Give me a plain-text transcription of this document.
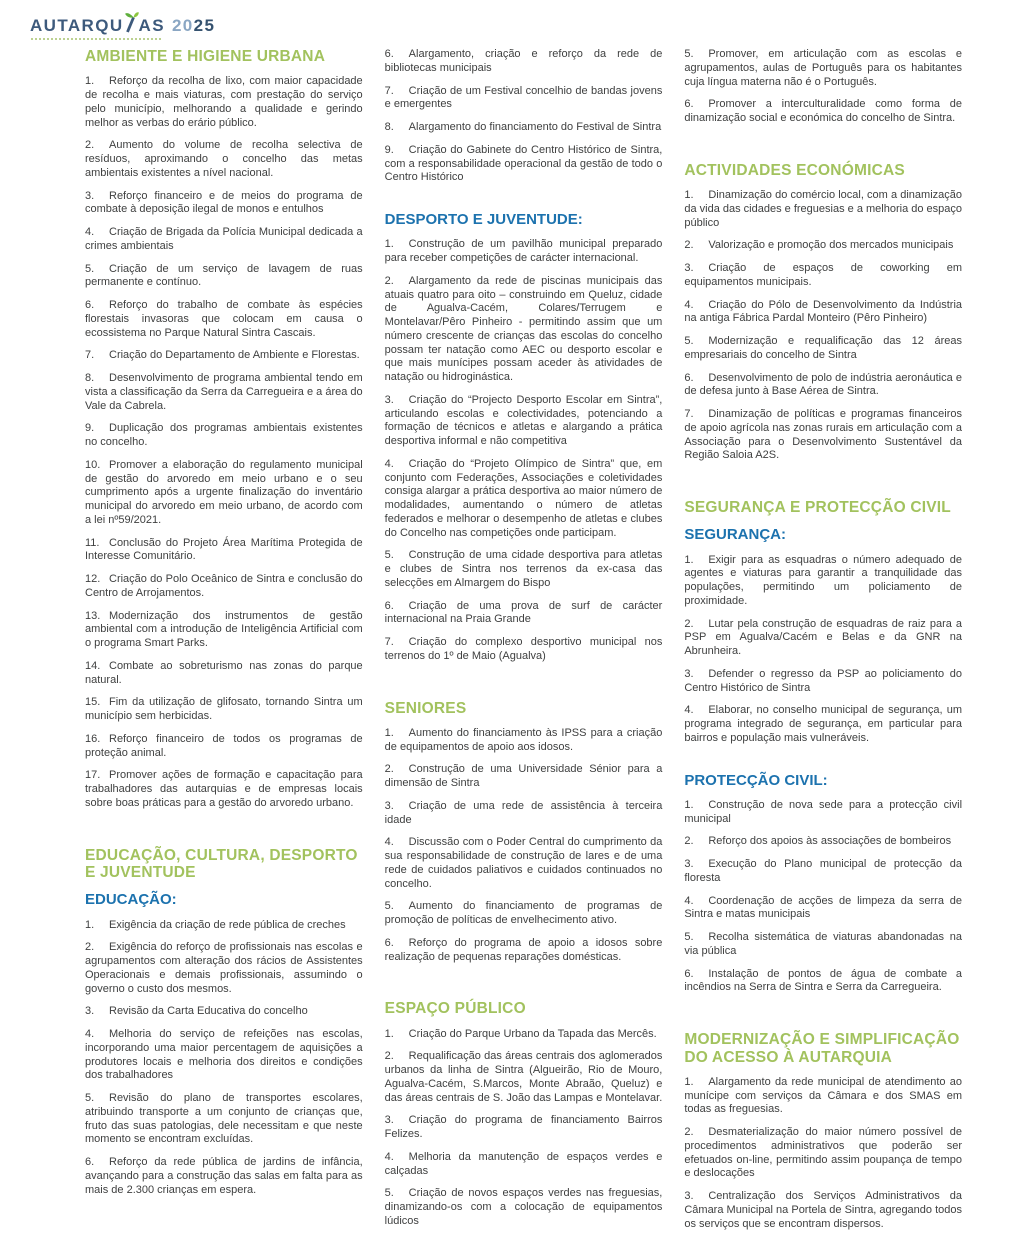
AUTARQU AS 2025
AMBIENTE E HIGIENE URBANA

1. Reforço da recolha de lixo, com maior capacidade de recolha e mais viaturas, com prestação do serviço pelo município, melhorando a qualidade e gerindo melhor as verbas do erário público.

2. Aumento do volume de recolha selectiva de resíduos, aproximando o concelho das metas ambientais existentes a nível nacional.

3. Reforço financeiro e de meios do programa de combate à deposição ilegal de monos e entulhos

4. Criação de Brigada da Polícia Municipal dedicada a crimes ambientais

5. Criação de um serviço de lavagem de ruas permanente e contínuo.

6. Reforço do trabalho de combate às espécies florestais invasoras que colocam em causa o ecossistema no Parque Natural Sintra Cascais.

7. Criação do Departamento de Ambiente e Florestas.

8. Desenvolvimento de programa ambiental tendo em vista a classificação da Serra da Carregueira e a área do Vale da Cabrela.

9. Duplicação dos programas ambientais existentes no concelho.

10. Promover a elaboração do regulamento municipal de gestão do arvoredo em meio urbano e o seu cumprimento após a urgente finalização do inventário municipal do arvoredo em meio urbano, de acordo com a lei nº59/2021.

11. Conclusão do Projeto Área Marítima Protegida de Interesse Comunitário.

12. Criação do Polo Oceânico de Sintra e conclusão do Centro de Arrojamentos.

13. Modernização dos instrumentos de gestão ambiental com a introdução de Inteligência Artificial com o programa Smart Parks.

14. Combate ao sobreturismo nas zonas do parque natural.

15. Fim da utilização de glifosato, tornando Sintra um município sem herbicidas.

16. Reforço financeiro de todos os programas de proteção animal.

17. Promover ações de formação e capacitação para trabalhadores das autarquias e de empresas locais sobre boas práticas para a gestão do arvoredo urbano.

EDUCAÇÃO, CULTURA, DESPORTO E JUVENTUDE
EDUCAÇÃO:

1. Exigência da criação de rede pública de creches

2. Exigência do reforço de profissionais nas escolas e agrupamentos com alteração dos rácios de Assistentes Operacionais e demais profissionais, assumindo o governo o custo dos mesmos.

3. Revisão da Carta Educativa do concelho

4. Melhoria do serviço de refeições nas escolas, incorporando uma maior percentagem de aquisições a produtores locais e melhoria dos direitos e condições dos trabalhadores

5. Revisão do plano de transportes escolares, atribuindo transporte a um conjunto de crianças que, fruto das suas patologias, dele necessitam e que neste momento se encontram excluídas.

6. Reforço da rede pública de jardins de infância, avançando para a construção das salas em falta para as mais de 2.300 crianças em espera.

6. Alargamento, criação e reforço da rede de bibliotecas municipais

7. Criação de um Festival concelhio de bandas jovens e emergentes

8. Alargamento do financiamento do Festival de Sintra

9. Criação do Gabinete do Centro Histórico de Sintra, com a responsabilidade operacional da gestão de todo o Centro Histórico

DESPORTO E JUVENTUDE:

1. Construção de um pavilhão municipal preparado para receber competições de carácter internacional.

2. Alargamento da rede de piscinas municipais das atuais quatro para oito – construindo em Queluz, cidade de Agualva-Cacém, Colares/Terrugem e Montelavar/Pêro Pinheiro - permitindo assim que um número crescente de crianças das escolas do concelho possam ter natação como AEC ou desporto escolar e que mais munícipes possam aceder às atividades de natação ou hidroginástica.

3. Criação do “Projecto Desporto Escolar em Sintra”, articulando escolas e colectividades, potenciando a formação de técnicos e atletas e alargando a prática desportiva informal e não competitiva

4. Criação do “Projeto Olímpico de Sintra” que, em conjunto com Federações, Associações e coletividades consiga alargar a prática desportiva ao maior número de modalidades, aumentando o número de atletas federados e melhorar o desempenho de atletas e clubes do Concelho nas competições onde participam.

5. Construção de uma cidade desportiva para atletas e clubes de Sintra nos terrenos da ex-casa das selecções em Almargem do Bispo

6. Criação de uma prova de surf de carácter internacional na Praia Grande

7. Criação do complexo desportivo municipal nos terrenos do 1º de Maio (Agualva)

SENIORES

1. Aumento do financiamento às IPSS para a criação de equipamentos de apoio aos idosos.

2. Construção de uma Universidade Sénior para a dimensão de Sintra

3. Criação de uma rede de assistência à terceira idade

4. Discussão com o Poder Central do cumprimento da sua responsabilidade de construção de lares e de uma rede de cuidados paliativos e cuidados continuados no concelho.

5. Aumento do financiamento de programas de promoção de políticas de envelhecimento ativo.

6. Reforço do programa de apoio a idosos sobre realização de pequenas reparações domésticas.

ESPAÇO PÚBLICO

1. Criação do Parque Urbano da Tapada das Mercês.

2. Requalificação das áreas centrais dos aglomerados urbanos da linha de Sintra (Algueirão, Rio de Mouro, Agualva-Cacém, S.Marcos, Monte Abraão, Queluz) e das áreas centrais de S. João das Lampas e Montelavar.

3. Criação do programa de financiamento Bairros Felizes.

4. Melhoria da manutenção de espaços verdes e calçadas

5. Criação de novos espaços verdes nas freguesias, dinamizando-os com a colocação de equipamentos lúdicos

5. Promover, em articulação com as escolas e agrupamentos, aulas de Português para os habitantes cuja língua materna não é o Português.

6. Promover a interculturalidade como forma de dinamização social e económica do concelho de Sintra.

ACTIVIDADES ECONÓMICAS

1. Dinamização do comércio local, com a dinamização da vida das cidades e freguesias e a melhoria do espaço público

2. Valorização e promoção dos mercados municipais

3. Criação de espaços de coworking em equipamentos municipais.

4. Criação do Pólo de Desenvolvimento da Indústria na antiga Fábrica Pardal Monteiro (Pêro Pinheiro)

5. Modernização e requalificação das 12 áreas empresariais do concelho de Sintra

6. Desenvolvimento de polo de indústria aeronáutica e de defesa junto à Base Aérea de Sintra.

7. Dinamização de políticas e programas financeiros de apoio agrícola nas zonas rurais em articulação com a Associação para o Desenvolvimento Sustentável da Região Saloia A2S.

SEGURANÇA E PROTECÇÃO CIVIL
SEGURANÇA:

1. Exigir para as esquadras o número adequado de agentes e viaturas para garantir a tranquilidade das populações, permitindo um policiamento de proximidade.

2. Lutar pela construção de esquadras de raiz para a PSP em Agualva/Cacém e Belas e da GNR na Abrunheira.

3. Defender o regresso da PSP ao policiamento do Centro Histórico de Sintra

4. Elaborar, no conselho municipal de segurança, um programa integrado de segurança, em particular para bairros e população mais vulneráveis.

PROTECÇÃO CIVIL:

1. Construção de nova sede para a protecção civil municipal

2. Reforço dos apoios às associações de bombeiros

3. Execução do Plano municipal de protecção da floresta

4. Coordenação de acções de limpeza da serra de Sintra e matas municipais

5. Recolha sistemática de viaturas abandonadas na via pública

6. Instalação de pontos de água de combate a incêndios na Serra de Sintra e Serra da Carregueira.

MODERNIZAÇÃO E SIMPLIFICAÇÃO DO ACESSO À AUTARQUIA

1. Alargamento da rede municipal de atendimento ao munícipe com serviços da Câmara e dos SMAS em todas as freguesias.

2. Desmaterialização do maior número possível de procedimentos administrativos que poderão ser efetuados on-line, permitindo assim poupança de tempo e deslocações

3. Centralização dos Serviços Administrativos da Câmara Municipal na Portela de Sintra, agregando todos os serviços que se encontram dispersos.
